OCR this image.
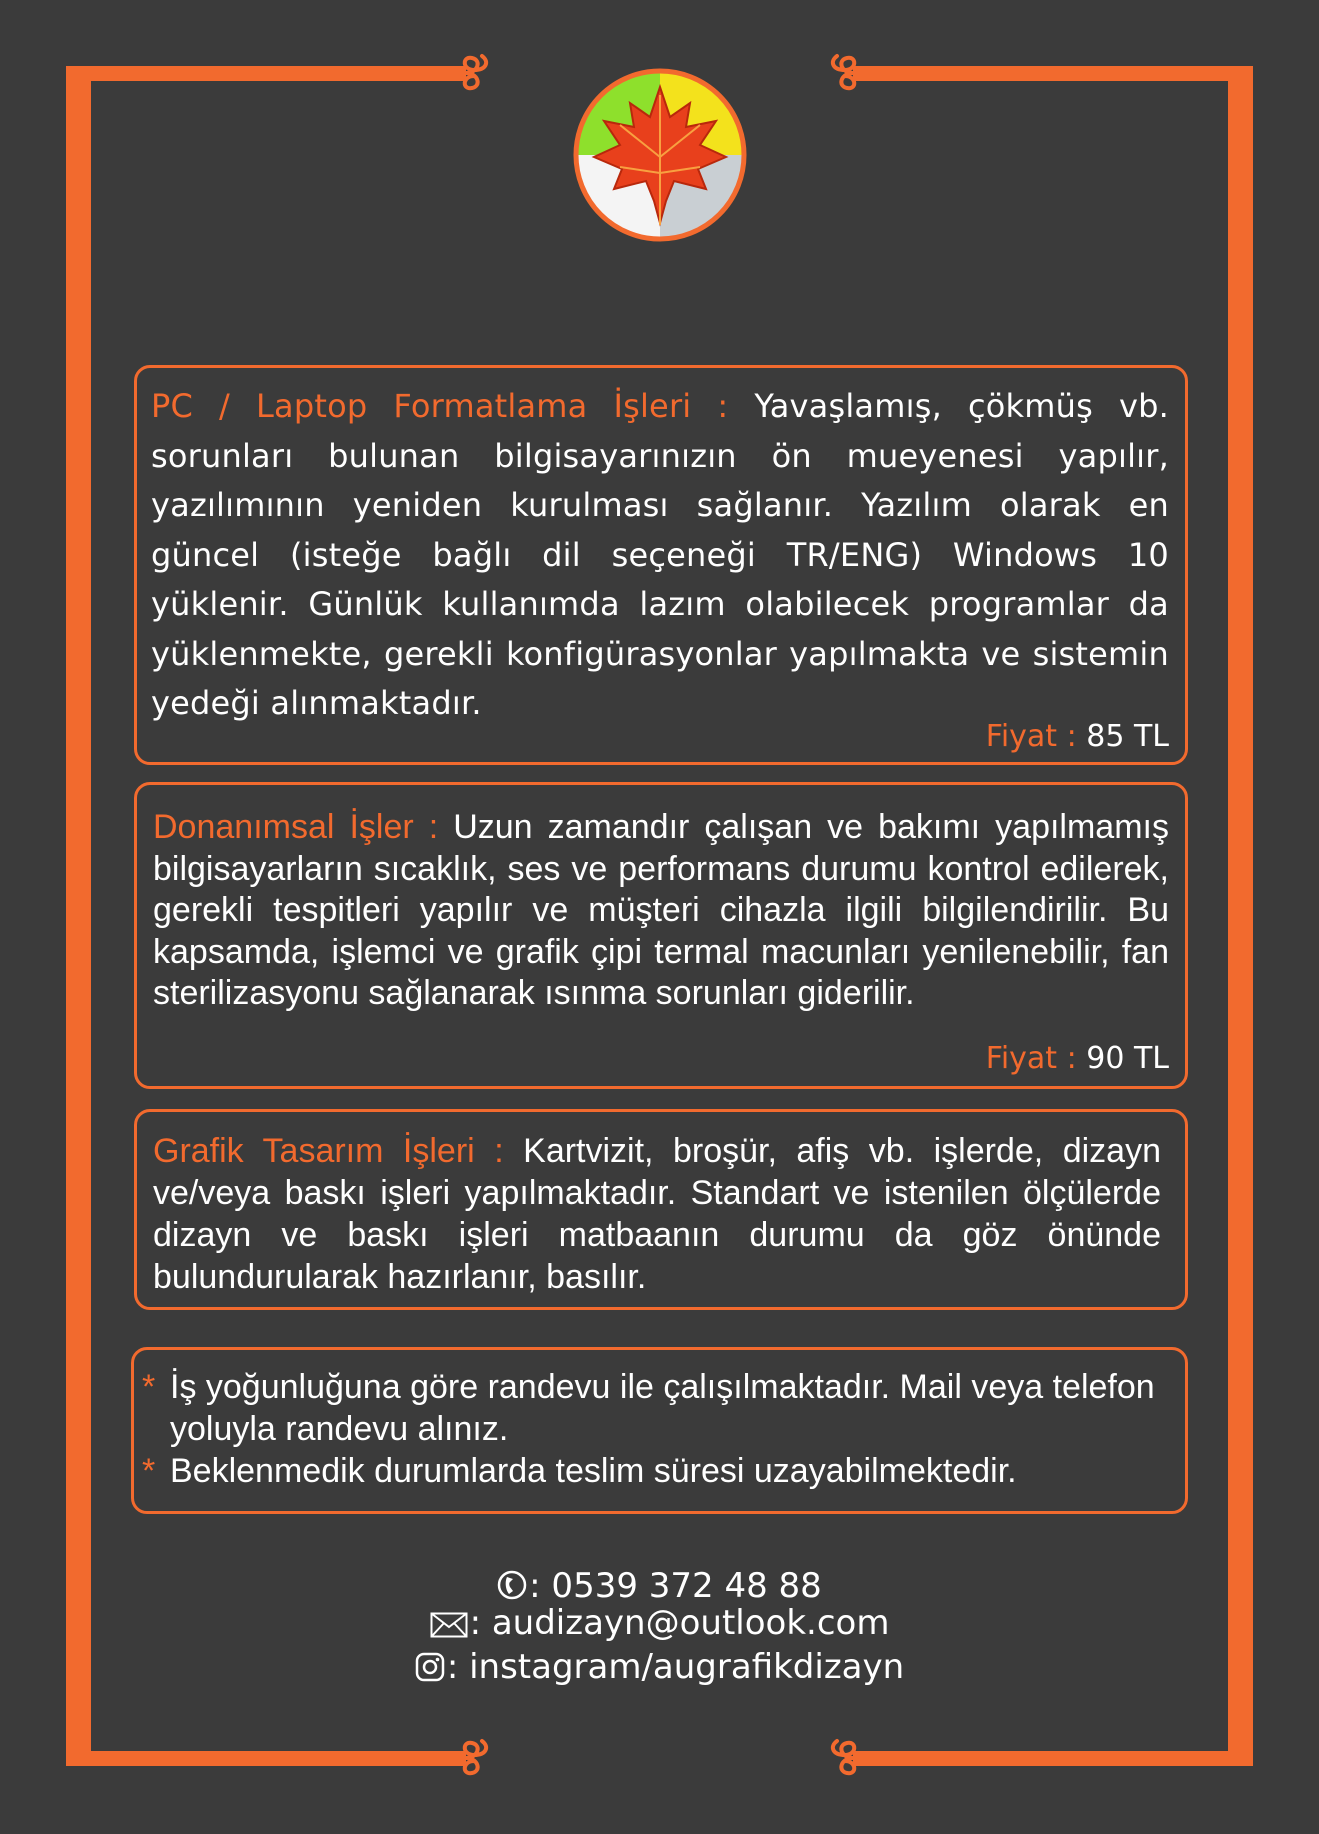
PC / Laptop Formatlama İşleri : Yavaşlamış, çökmüş vb. sorunları bulunan bilgisayarınızın ön mueyenesi yapılır, yazılımının yeniden kurulması sağlanır. Yazılım olarak en güncel (isteğe bağlı dil seçeneği TR/ENG) Windows 10 yüklenir. Günlük kullanımda lazım olabilecek programlar da yüklenmekte, gerekli konfigürasyonlar yapılmakta ve sistemin yedeği alınmaktadır.
Fiyat : 85 TL
Donanımsal İşler : Uzun zamandır çalışan ve bakımı yapılmamış bilgisayarların sıcaklık, ses ve performans durumu kontrol edilerek, gerekli tespitleri yapılır ve müşteri cihazla ilgili bilgilendirilir. Bu kapsamda, işlemci ve grafik çipi termal macunları yenilenebilir, fan sterilizasyonu sağlanarak ısınma sorunları giderilir.
Fiyat : 90 TL
Grafik Tasarım İşleri : Kartvizit, broşür, afiş vb. işlerde, dizayn ve/veya baskı işleri yapılmaktadır. Standart ve istenilen ölçülerde dizayn ve baskı işleri matbaanın durumu da göz önünde bulundurularak hazırlanır, basılır.
* İş yoğunluğuna göre randevu ile çalışılmaktadır. Mail veya telefon yoluyla randevu alınız.
* Beklenmedik durumlarda teslim süresi uzayabilmektedir.
: 0539 372 48 88
: audizayn@outlook.com
: instagram/augrafikdizayn
